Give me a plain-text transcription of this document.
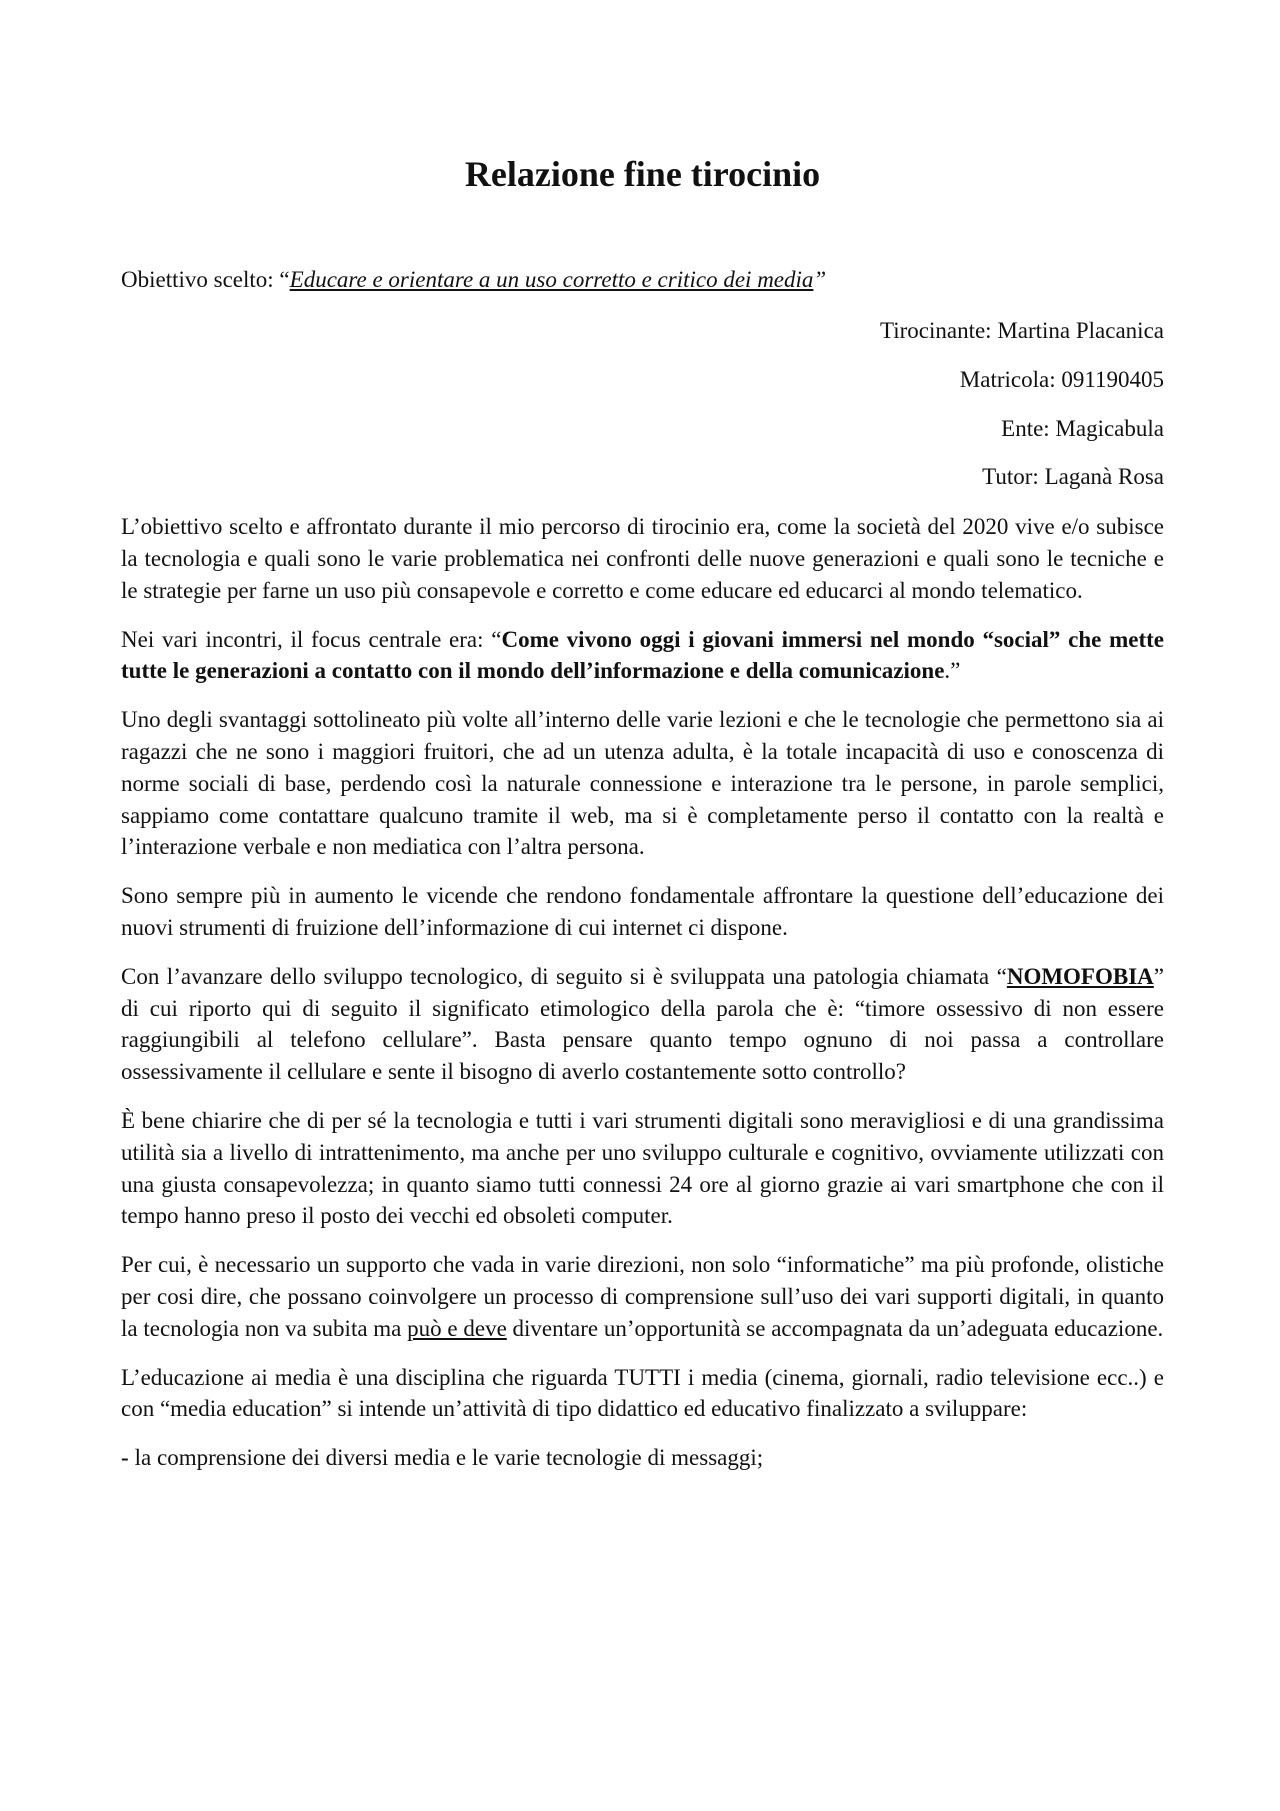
Relazione fine tirocinio

Obiettivo scelto: “Educare e orientare a un uso corretto e critico dei media”

Tirocinante: Martina Placanica

Matricola: 091190405

Ente: Magicabula

Tutor: Laganà Rosa

L’obiettivo scelto e affrontato durante il mio percorso di tirocinio era, come la società del 2020 vive e/o subisce la tecnologia e quali sono le varie problematica nei confronti delle nuove generazioni e quali sono le tecniche e le strategie per farne un uso più consapevole e corretto e come educare ed educarci al mondo telematico.

Nei vari incontri, il focus centrale era: “Come vivono oggi i giovani immersi nel mondo “social” che mette tutte le generazioni a contatto con il mondo dell’informazione e della comunicazione.”

Uno degli svantaggi sottolineato più volte all’interno delle varie lezioni e che le tecnologie che permettono sia ai ragazzi che ne sono i maggiori fruitori, che ad un utenza adulta, è la totale incapacità di uso e conoscenza di norme sociali di base, perdendo così la naturale connessione e interazione tra le persone, in parole semplici, sappiamo come contattare qualcuno tramite il web, ma si è completamente perso il contatto con la realtà e l’interazione verbale e non mediatica con l’altra persona.

Sono sempre più in aumento le vicende che rendono fondamentale affrontare la questione dell’educazione dei nuovi strumenti di fruizione dell’informazione di cui internet ci dispone.

Con l’avanzare dello sviluppo tecnologico, di seguito si è sviluppata una patologia chiamata “NOMOFOBIA” di cui riporto qui di seguito il significato etimologico della parola che è: “timore ossessivo di non essere raggiungibili al telefono cellulare”. Basta pensare quanto tempo ognuno di noi passa a controllare ossessivamente il cellulare e sente il bisogno di averlo costantemente sotto controllo?

È bene chiarire che di per sé la tecnologia e tutti i vari strumenti digitali sono meravigliosi e di una grandissima utilità sia a livello di intrattenimento, ma anche per uno sviluppo culturale e cognitivo, ovviamente utilizzati con una giusta consapevolezza; in quanto siamo tutti connessi 24 ore al giorno grazie ai vari smartphone che con il tempo hanno preso il posto dei vecchi ed obsoleti computer.

Per cui, è necessario un supporto che vada in varie direzioni, non solo “informatiche” ma più profonde, olistiche per cosi dire, che possano coinvolgere un processo di comprensione sull’uso dei vari supporti digitali, in quanto la tecnologia non va subita ma può e deve diventare un’opportunità se accompagnata da un’adeguata educazione.

L’educazione ai media è una disciplina che riguarda TUTTI i media (cinema, giornali, radio televisione ecc..) e con “media education” si intende un’attività di tipo didattico ed educativo finalizzato a sviluppare:

- la comprensione dei diversi media e le varie tecnologie di messaggi;
